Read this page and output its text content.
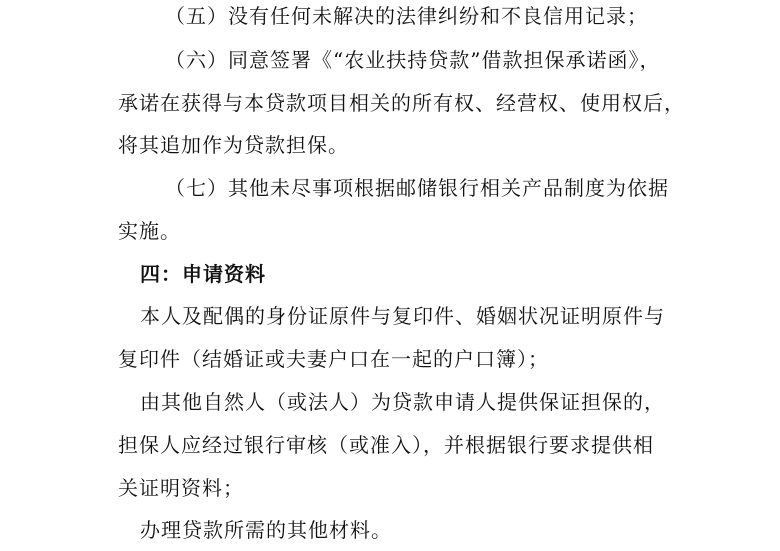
（五）没有任何未解决的法律纠纷和不良信用记录；
（六）同意签署《“农业扶持贷款”借款担保承诺函》，
承诺在获得与本贷款项目相关的所有权、经营权、使用权后，
将其追加作为贷款担保。
（七）其他未尽事项根据邮储银行相关产品制度为依据
实施。
四：申请资料
本人及配偶的身份证原件与复印件、婚姻状况证明原件与
复印件（结婚证或夫妻户口在一起的户口簿）；
由其他自然人（或法人）为贷款申请人提供保证担保的，
担保人应经过银行审核（或准入），并根据银行要求提供相
关证明资料；
办理贷款所需的其他材料。
